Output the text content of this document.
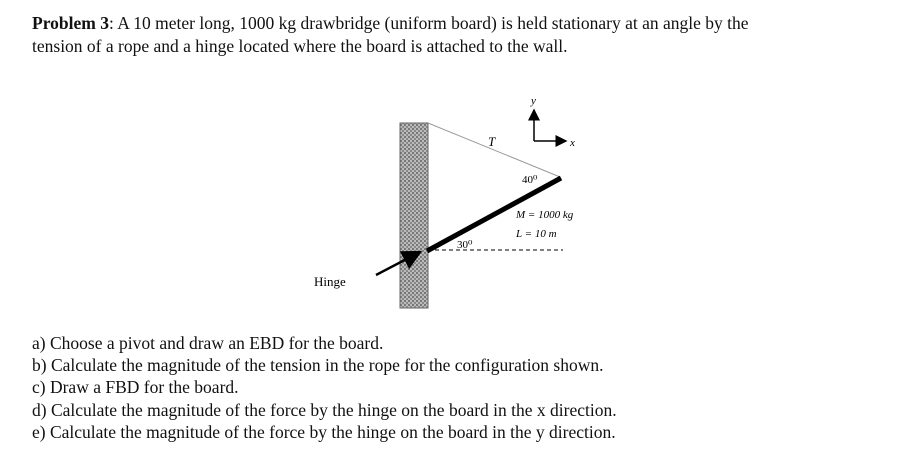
Problem 3: A 10 meter long, 1000 kg drawbridge (uniform board) is held stationary at an angle by the
tension of a rope and a hinge located where the board is attached to the wall.
y⃗
x⃗
T
40⁰
30⁰
M = 1000 kg
L = 10 m
Hinge
a) Choose a pivot and draw an EBD for the board.
b) Calculate the magnitude of the tension in the rope for the configuration shown.
c) Draw a FBD for the board.
d) Calculate the magnitude of the force by the hinge on the board in the x direction.
e) Calculate the magnitude of the force by the hinge on the board in the y direction.
